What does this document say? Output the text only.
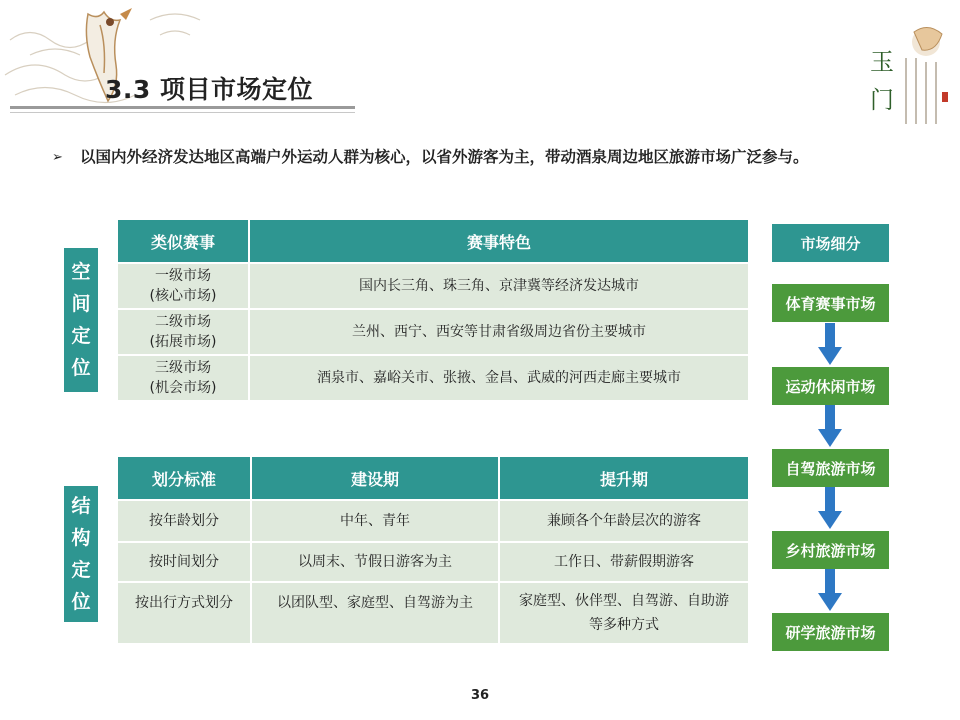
3.3 项目市场定位
玉
门
➢ 以国内外经济发达地区高端户外运动人群为核心，以省外游客为主，带动酒泉周边地区旅游市场广泛参与。
空
间
定
位
类似赛事	赛事特色

一级市场
(核心市场)	国内长三角、珠三角、京津冀等经济发达城市

二级市场
(拓展市场)	兰州、西宁、西安等甘肃省级周边省份主要城市

三级市场
(机会市场)	酒泉市、嘉峪关市、张掖、金昌、武威的河西走廊主要城市
结
构
定
位
划分标准	建设期	提升期
按年龄划分	中年、青年	兼顾各个年龄层次的游客
按时间划分	以周末、节假日游客为主	工作日、带薪假期游客
按出行方式划分	以团队型、家庭型、自驾游为主	家庭型、伙伴型、自驾游、自助游等多种方式
市场细分
体育赛事市场
运动休闲市场
自驾旅游市场
乡村旅游市场
研学旅游市场
36
